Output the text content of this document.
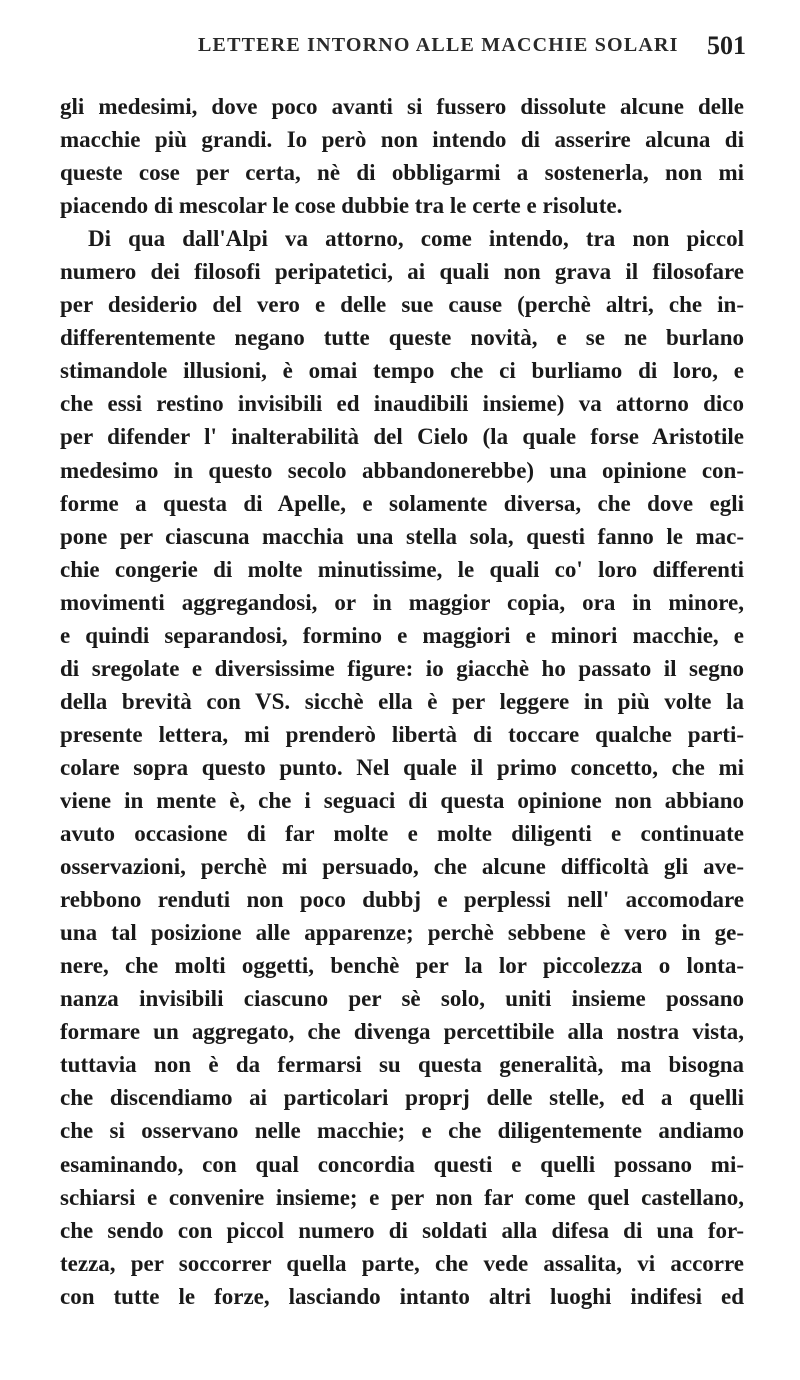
LETTERE INTORNO ALLE MACCHIE SOLARI 501
gli medesimi, dove poco avanti si fussero dissolute alcune delle
macchie più grandi. Io però non intendo di asserire alcuna di
queste cose per certa, nè di obbligarmi a sostenerla, non mi
piacendo di mescolar le cose dubbie tra le certe e risolute.
Di qua dall'Alpi va attorno, come intendo, tra non piccol
numero dei filosofi peripatetici, ai quali non grava il filosofare
per desiderio del vero e delle sue cause (perchè altri, che in-
differentemente negano tutte queste novità, e se ne burlano
stimandole illusioni, è omai tempo che ci burliamo di loro, e
che essi restino invisibili ed inaudibili insieme) va attorno dico
per difender l' inalterabilità del Cielo (la quale forse Aristotile
medesimo in questo secolo abbandonerebbe) una opinione con-
forme a questa di Apelle, e solamente diversa, che dove egli
pone per ciascuna macchia una stella sola, questi fanno le mac-
chie congerie di molte minutissime, le quali co' loro differenti
movimenti aggregandosi, or in maggior copia, ora in minore,
e quindi separandosi, formino e maggiori e minori macchie, e
di sregolate e diversissime figure: io giacchè ho passato il segno
della brevità con VS. sicchè ella è per leggere in più volte la
presente lettera, mi prenderò libertà di toccare qualche parti-
colare sopra questo punto. Nel quale il primo concetto, che mi
viene in mente è, che i seguaci di questa opinione non abbiano
avuto occasione di far molte e molte diligenti e continuate
osservazioni, perchè mi persuado, che alcune difficoltà gli ave-
rebbono renduti non poco dubbj e perplessi nell' accomodare
una tal posizione alle apparenze; perchè sebbene è vero in ge-
nere, che molti oggetti, benchè per la lor piccolezza o lonta-
nanza invisibili ciascuno per sè solo, uniti insieme possano
formare un aggregato, che divenga percettibile alla nostra vista,
tuttavia non è da fermarsi su questa generalità, ma bisogna
che discendiamo ai particolari proprj delle stelle, ed a quelli
che si osservano nelle macchie; e che diligentemente andiamo
esaminando, con qual concordia questi e quelli possano mi-
schiarsi e convenire insieme; e per non far come quel castellano,
che sendo con piccol numero di soldati alla difesa di una for-
tezza, per soccorrer quella parte, che vede assalita, vi accorre
con tutte le forze, lasciando intanto altri luoghi indifesi ed
